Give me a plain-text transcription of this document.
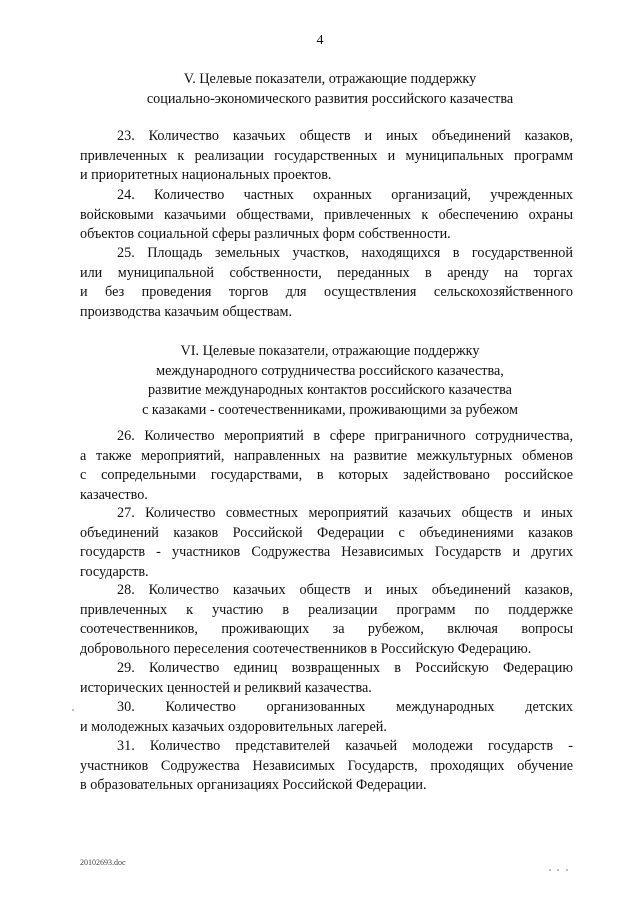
4
V. Целевые показатели, отражающие поддержку
социально-экономического развития российского казачества
23. Количество казачьих обществ и иных объединений казаков,
привлеченных к реализации государственных и муниципальных программ
и приоритетных национальных проектов.
24. Количество частных охранных организаций, учрежденных
войсковыми казачьими обществами, привлеченных к обеспечению охраны
объектов социальной сферы различных форм собственности.
25. Площадь земельных участков, находящихся в государственной
или муниципальной собственности, переданных в аренду на торгах
и без проведения торгов для осуществления сельскохозяйственного
производства казачьим обществам.
VI. Целевые показатели, отражающие поддержку
международного сотрудничества российского казачества,
развитие международных контактов российского казачества
с казаками - соотечественниками, проживающими за рубежом
26. Количество мероприятий в сфере приграничного сотрудничества,
а также мероприятий, направленных на развитие межкультурных обменов
с сопредельными государствами, в которых задействовано российское
казачество.
27. Количество совместных мероприятий казачьих обществ и иных
объединений казаков Российской Федерации с объединениями казаков
государств - участников Содружества Независимых Государств и других
государств.
28. Количество казачьих обществ и иных объединений казаков,
привлеченных к участию в реализации программ по поддержке
соотечественников, проживающих за рубежом, включая вопросы
добровольного переселения соотечественников в Российскую Федерацию.
29. Количество единиц возвращенных в Российскую Федерацию
исторических ценностей и реликвий казачества.
30. Количество организованных международных детских
и молодежных казачьих оздоровительных лагерей.
31. Количество представителей казачьей молодежи государств -
участников Содружества Независимых Государств, проходящих обучение
в образовательных организациях Российской Федерации.
20102693.doc
